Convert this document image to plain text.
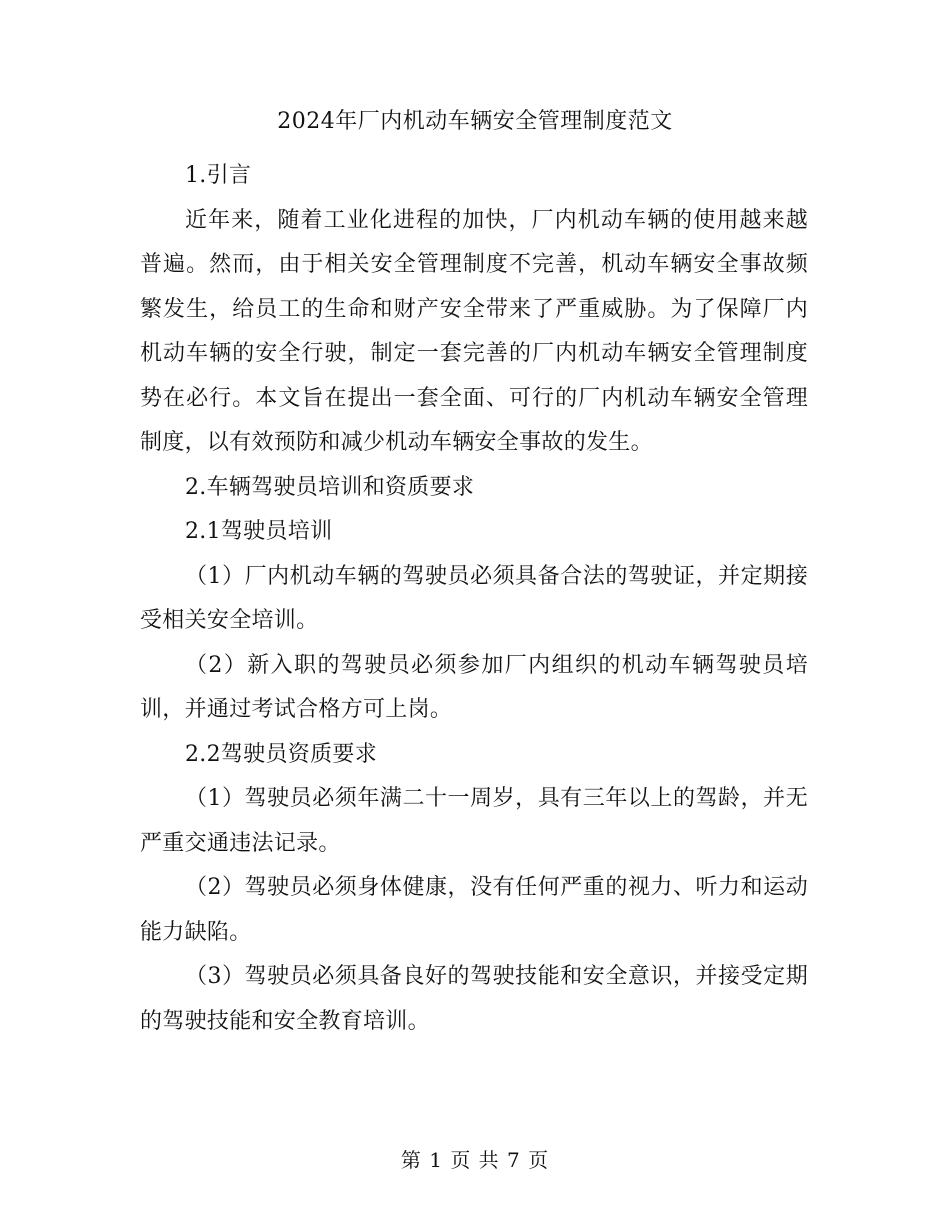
2024年厂内机动车辆安全管理制度范文

1.引言

近年来，随着工业化进程的加快，厂内机动车辆的使用越来越普遍。然而，由于相关安全管理制度不完善，机动车辆安全事故频繁发生，给员工的生命和财产安全带来了严重威胁。为了保障厂内机动车辆的安全行驶，制定一套完善的厂内机动车辆安全管理制度势在必行。本文旨在提出一套全面、可行的厂内机动车辆安全管理制度，以有效预防和减少机动车辆安全事故的发生。

2.车辆驾驶员培训和资质要求

2.1驾驶员培训

（1）厂内机动车辆的驾驶员必须具备合法的驾驶证，并定期接受相关安全培训。

（2）新入职的驾驶员必须参加厂内组织的机动车辆驾驶员培训，并通过考试合格方可上岗。

2.2驾驶员资质要求

（1）驾驶员必须年满二十一周岁，具有三年以上的驾龄，并无严重交通违法记录。

（2）驾驶员必须身体健康，没有任何严重的视力、听力和运动能力缺陷。

（3）驾驶员必须具备良好的驾驶技能和安全意识，并接受定期的驾驶技能和安全教育培训。

第 1 页 共 7 页
